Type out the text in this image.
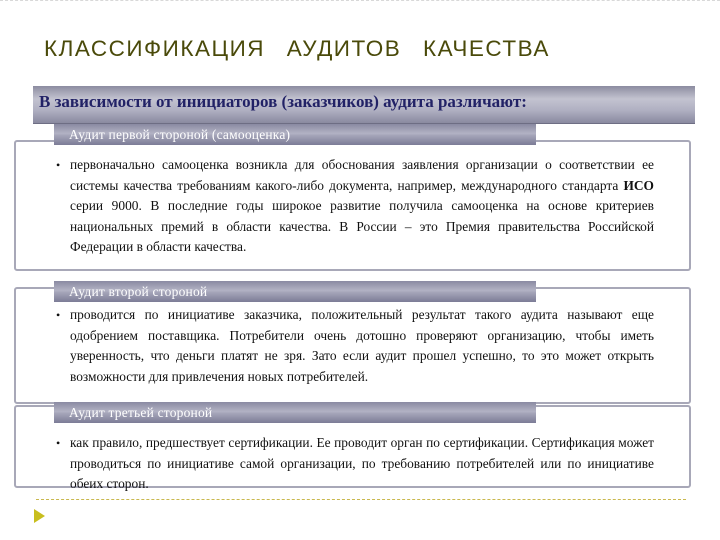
КЛАССИФИКАЦИЯ АУДИТОВ КАЧЕСТВА
В зависимости от инициаторов (заказчиков) аудита различают:
Аудит первой стороной (самооценка)
• первоначально самооценка возникла для обоснования заявления организации о соответствии ее системы качества требованиям какого-либо документа, например, международного стандарта ИСО серии 9000. В последние годы широкое развитие получила самооценка на основе критериев национальных премий в области качества. В России – это Премия правительства Российской Федерации в области качества.
Аудит второй стороной
• проводится по инициативе заказчика, положительный результат такого аудита называют еще одобрением поставщика. Потребители очень дотошно проверяют организацию, чтобы иметь уверенность, что деньги платят не зря. Зато если аудит прошел успешно, то это может открыть возможности для привлечения новых потребителей.
Аудит третьей стороной
• как правило, предшествует сертификации. Ее проводит орган по сертификации. Сертификация может проводиться по инициативе самой организации, по требованию потребителей или по инициативе обеих сторон.
